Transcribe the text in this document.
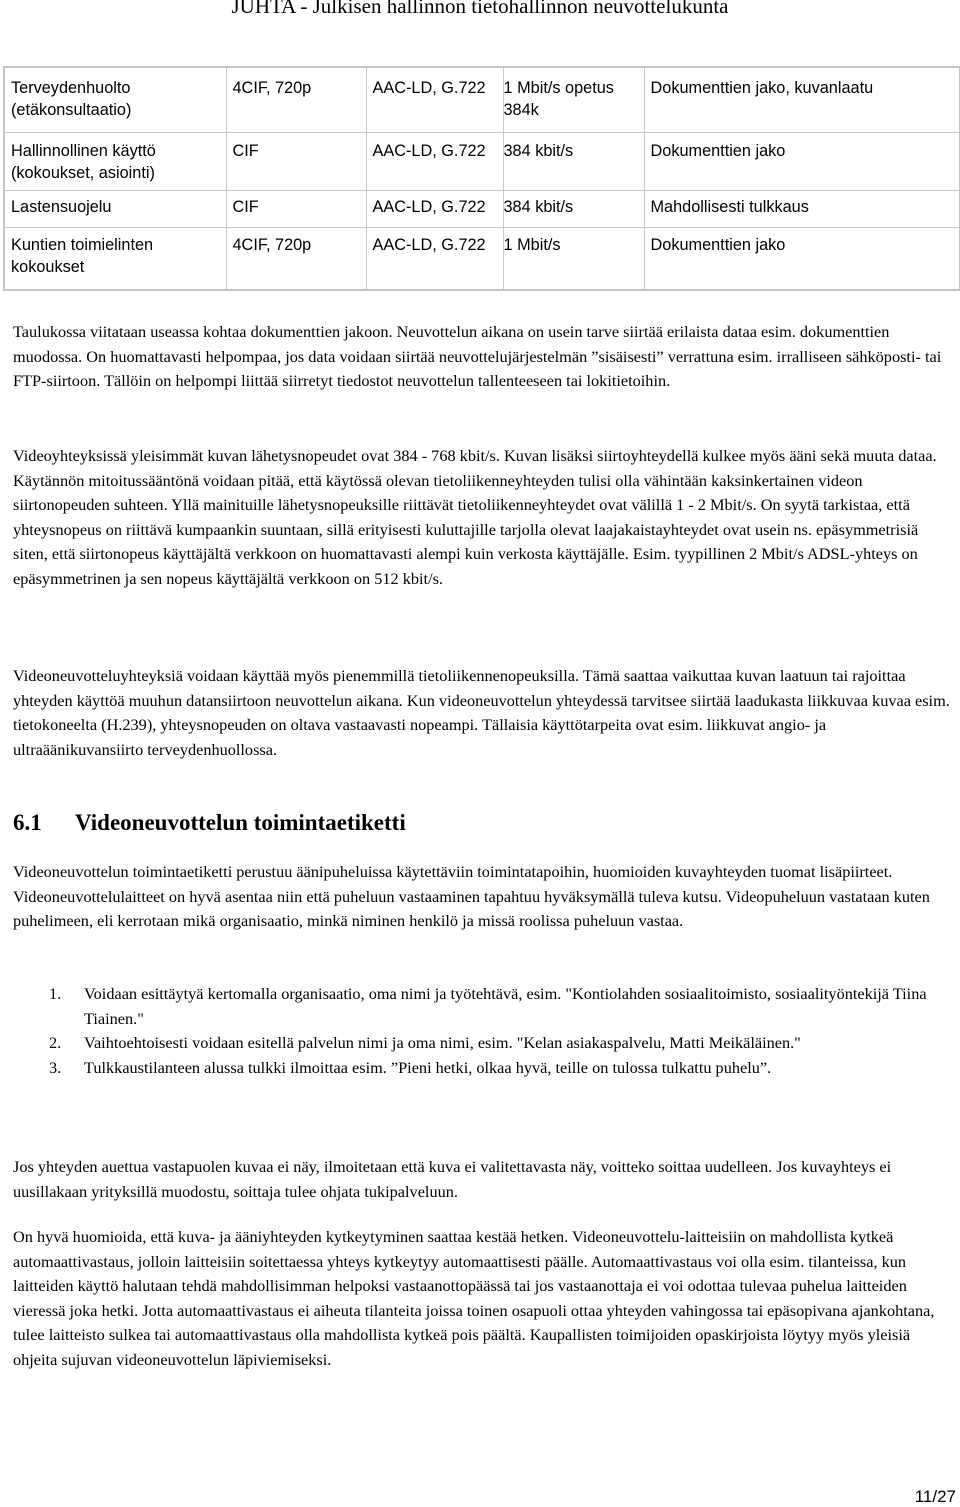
JUHTA - Julkisen hallinnon tietohallinnon neuvottelukunta
Terveydenhuolto (etäkonsultaatio)	4CIF, 720p	AAC-LD, G.722	1 Mbit/s opetus 384k	Dokumenttien jako, kuvanlaatu
Hallinnollinen käyttö (kokoukset, asiointi)	CIF	AAC-LD, G.722	384 kbit/s	Dokumenttien jako
Lastensuojelu	CIF	AAC-LD, G.722	384 kbit/s	Mahdollisesti tulkkaus
Kuntien toimielinten kokoukset	4CIF, 720p	AAC-LD, G.722	1 Mbit/s	Dokumenttien jako

Taulukossa viitataan useassa kohtaa dokumenttien jakoon. Neuvottelun aikana on usein tarve siirtää erilaista dataa esim. dokumenttien muodossa. On huomattavasti helpompaa, jos data voidaan siirtää neuvottelujärjestelmän ”sisäisesti” verrattuna esim. irralliseen sähköposti- tai FTP-siirtoon. Tällöin on helpompi liittää siirretyt tiedostot neuvottelun tallenteeseen tai lokitietoihin.

Videoyhteyksissä yleisimmät kuvan lähetysnopeudet ovat 384 - 768 kbit/s. Kuvan lisäksi siirtoyhteydellä kulkee myös ääni sekä muuta dataa. Käytännön mitoitussääntönä voidaan pitää, että käytössä olevan tietoliikenneyhteyden tulisi olla vähintään kaksinkertainen videon siirtonopeuden suhteen. Yllä mainituille lähetysnopeuksille riittävät tietoliikenneyhteydet ovat välillä 1 - 2 Mbit/s. On syytä tarkistaa, että yhteysnopeus on riittävä kumpaankin suuntaan, sillä erityisesti kuluttajille tarjolla olevat laajakaistayhteydet ovat usein ns. epäsymmetrisiä siten, että siirtonopeus käyttäjältä verkkoon on huomattavasti alempi kuin verkosta käyttäjälle. Esim. tyypillinen 2 Mbit/s ADSL-yhteys on epäsymmetrinen ja sen nopeus käyttäjältä verkkoon on 512 kbit/s.

Videoneuvotteluyhteyksiä voidaan käyttää myös pienemmillä tietoliikennenopeuksilla. Tämä saattaa vaikuttaa kuvan laatuun tai rajoittaa yhteyden käyttöä muuhun datansiirtoon neuvottelun aikana. Kun videoneuvottelun yhteydessä tarvitsee siirtää laadukasta liikkuvaa kuvaa esim. tietokoneelta (H.239), yhteysnopeuden on oltava vastaavasti nopeampi. Tällaisia käyttötarpeita ovat esim. liikkuvat angio- ja ultraäänikuvansiirto terveydenhuollossa.

6.1 Videoneuvottelun toimintaetiketti

Videoneuvottelun toimintaetiketti perustuu äänipuheluissa käytettäviin toimintatapoihin, huomioiden kuvayhteyden tuomat lisäpiirteet. Videoneuvottelulaitteet on hyvä asentaa niin että puheluun vastaaminen tapahtuu hyväksymällä tuleva kutsu. Videopuheluun vastataan kuten puhelimeen, eli kerrotaan mikä organisaatio, minkä niminen henkilö ja missä roolissa puheluun vastaa.

1. Voidaan esittäytyä kertomalla organisaatio, oma nimi ja työtehtävä, esim. "Kontiolahden sosiaalitoimisto, sosiaalityöntekijä Tiina Tiainen."
2. Vaihtoehtoisesti voidaan esitellä palvelun nimi ja oma nimi, esim. "Kelan asiakaspalvelu, Matti Meikäläinen."
3. Tulkkaustilanteen alussa tulkki ilmoittaa esim. ”Pieni hetki, olkaa hyvä, teille on tulossa tulkattu puhelu”.

Jos yhteyden auettua vastapuolen kuvaa ei näy, ilmoitetaan että kuva ei valitettavasta näy, voitteko soittaa uudelleen. Jos kuvayhteys ei uusillakaan yrityksillä muodostu, soittaja tulee ohjata tukipalveluun.

On hyvä huomioida, että kuva- ja ääniyhteyden kytkeytyminen saattaa kestää hetken. Videoneuvottelu-laitteisiin on mahdollista kytkeä automaattivastaus, jolloin laitteisiin soitettaessa yhteys kytkeytyy automaattisesti päälle. Automaattivastaus voi olla esim. tilanteissa, kun laitteiden käyttö halutaan tehdä mahdollisimman helpoksi vastaanottopäässä tai jos vastaanottaja ei voi odottaa tulevaa puhelua laitteiden vieressä joka hetki. Jotta automaattivastaus ei aiheuta tilanteita joissa toinen osapuoli ottaa yhteyden vahingossa tai epäsopivana ajankohtana, tulee laitteisto sulkea tai automaattivastaus olla mahdollista kytkeä pois päältä. Kaupallisten toimijoiden opaskirjoista löytyy myös yleisiä ohjeita sujuvan videoneuvottelun läpiviemiseksi.

11/27
